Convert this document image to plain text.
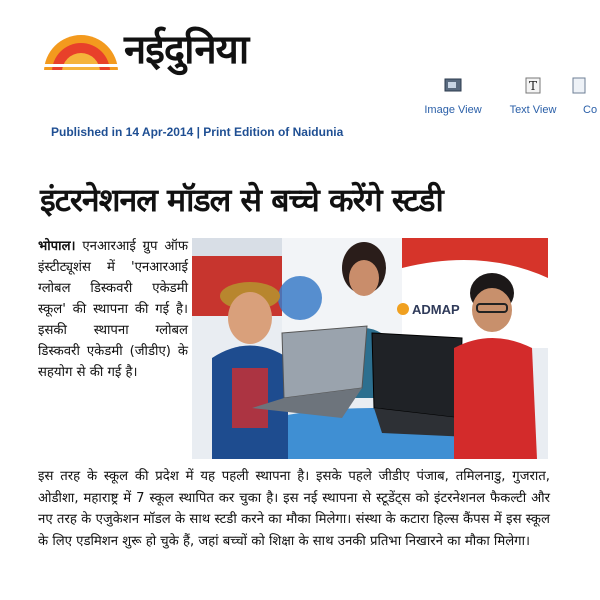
नईदुनिया
Image View
T
Text View	Co
Published in 14 Apr-2014 | Print Edition of Naidunia
इंटरनेशनल मॉडल से बच्चे करेंगे स्टडी
भोपाल। एनआरआई ग्रुप ऑफ इंस्टीट्यूशंस में 'एनआरआई ग्लोबल डिस्कवरी एकेडमी स्कूल' की स्थापना की गई है। इसकी स्थापना ग्लोबल डिस्कवरी एकेडमी (जीडीए) के सहयोग से की गई है।
ADMAP
इस तरह के स्कूल की प्रदेश में यह पहली स्थापना है। इसके पहले जीडीए पंजाब, तमिलनाडु, गुजरात, ओडीशा, महाराष्ट्र में 7 स्कूल स्थापित कर चुका है। इस नई स्थापना से स्टूडेंट्स को इंटरनेशनल फैकल्टी और नए तरह के एजुकेशन मॉडल के साथ स्टडी करने का मौका मिलेगा। संस्था के कटारा हिल्स कैंपस में इस स्कूल के लिए एडमिशन शुरू हो चुके हैं, जहां बच्चों को शिक्षा के साथ उनकी प्रतिभा निखारने का मौका मिलेगा।
